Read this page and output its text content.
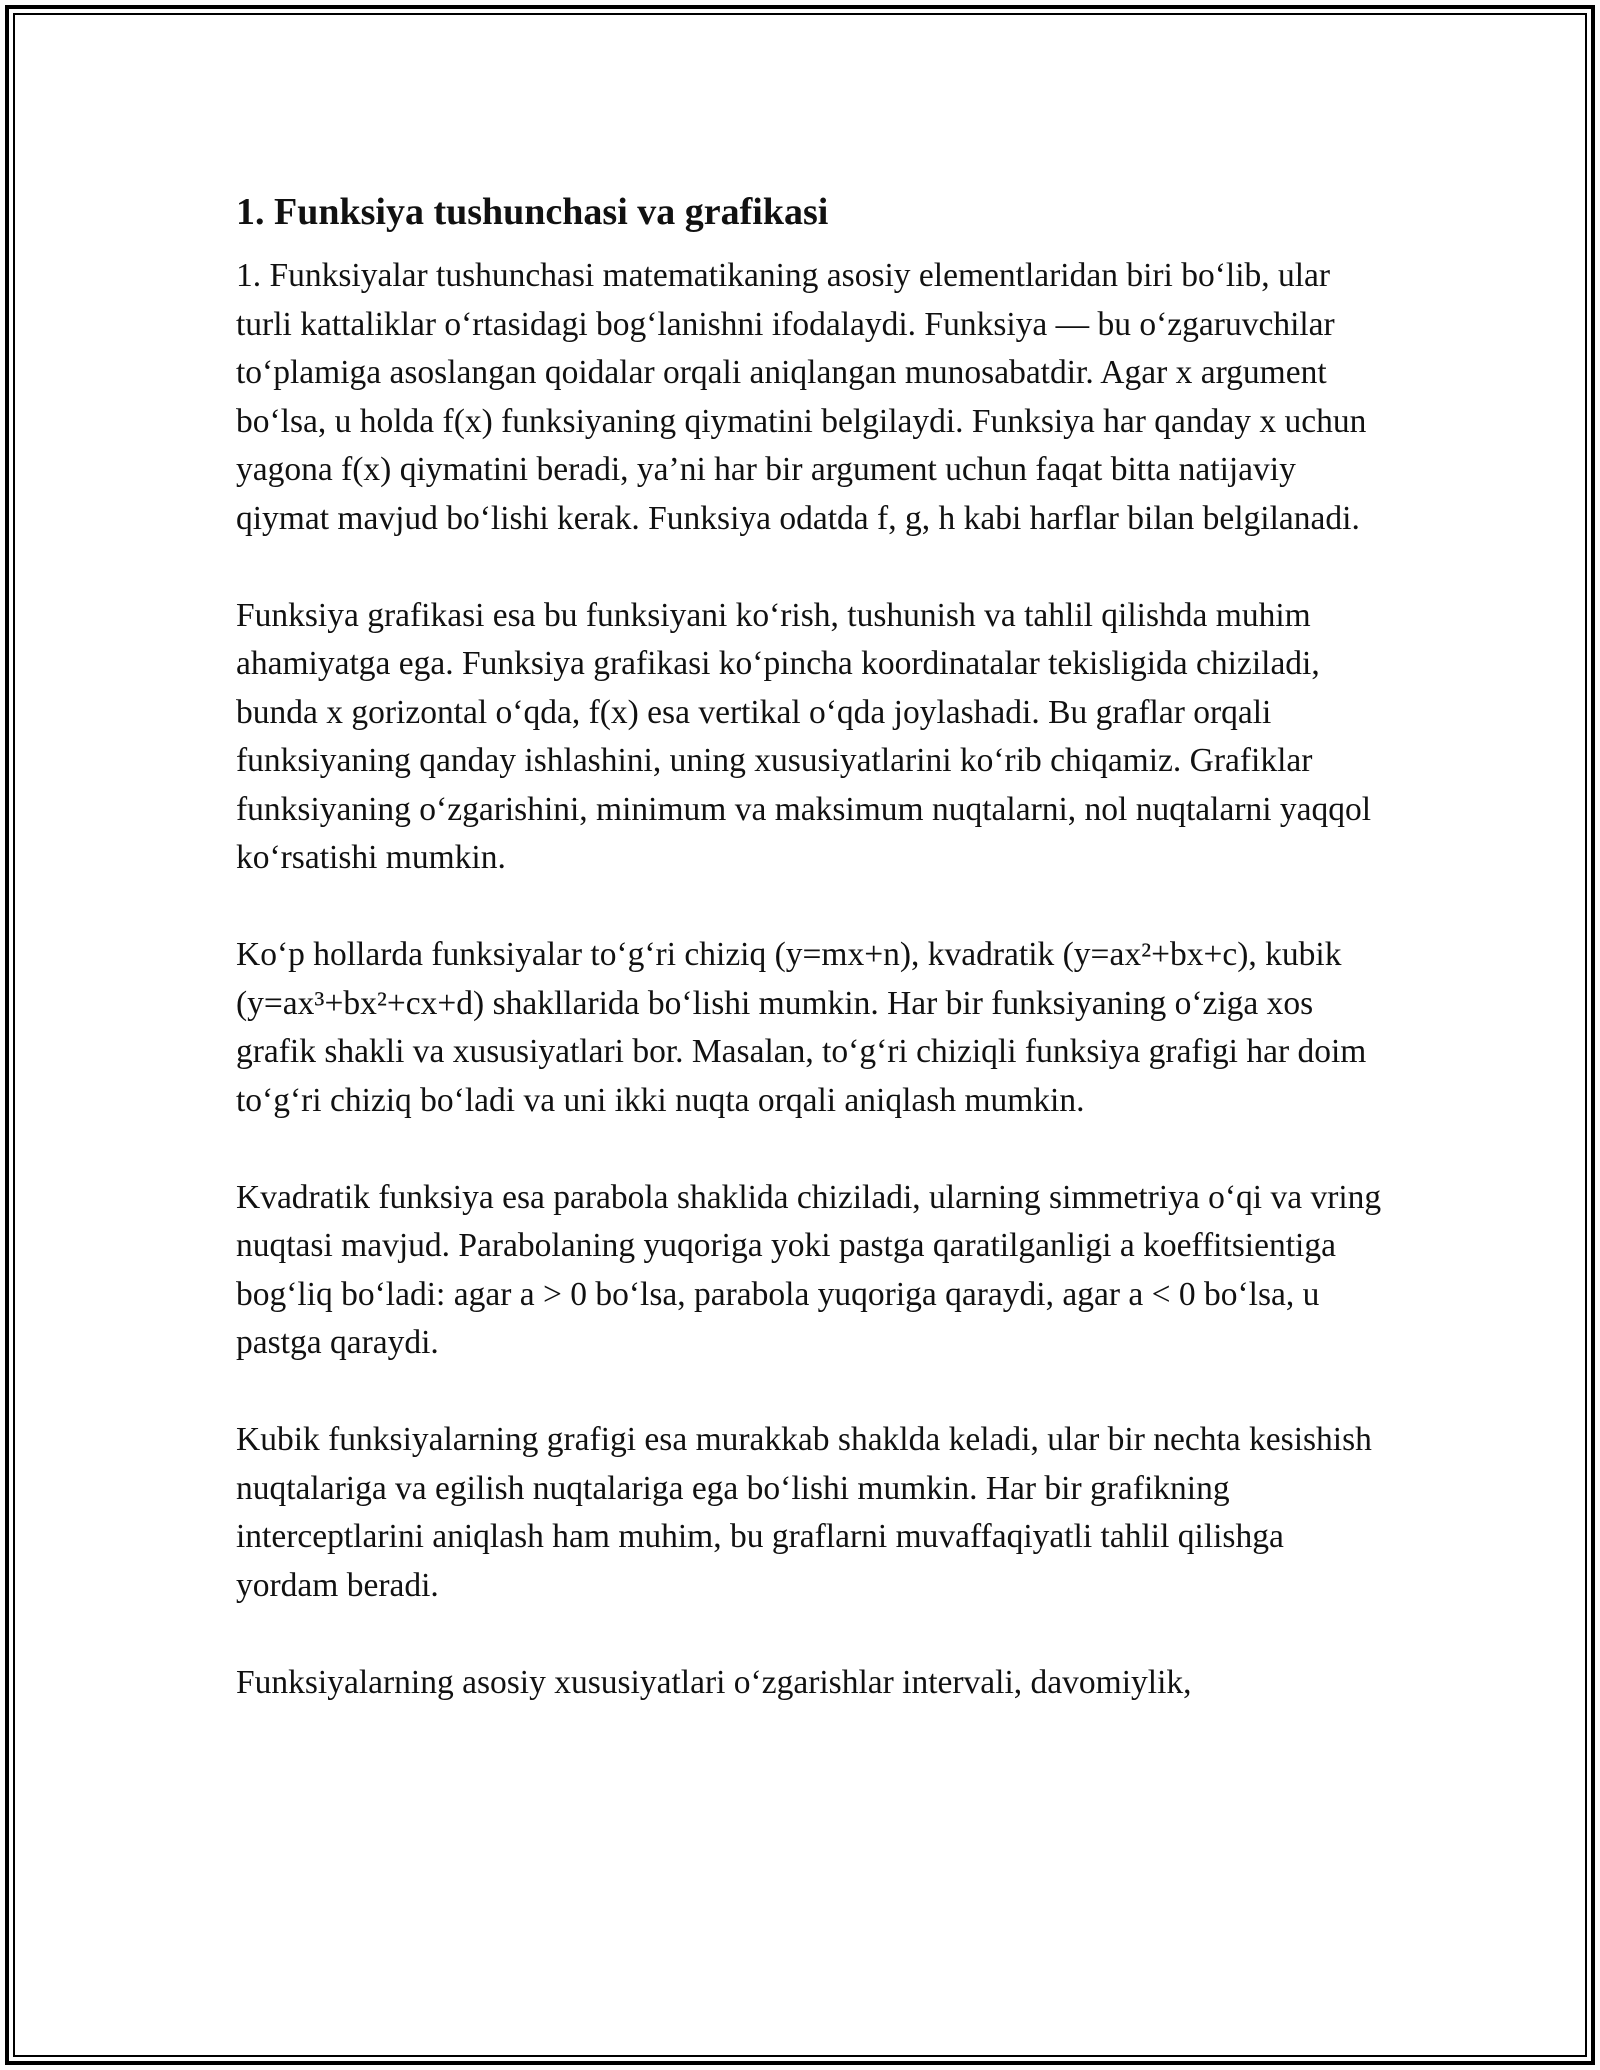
1. Funksiya tushunchasi va grafikasi

1. Funksiyalar tushunchasi matematikaning asosiy elementlaridan biri bo‘lib, ular turli kattaliklar o‘rtasidagi bog‘lanishni ifodalaydi. Funksiya — bu o‘zgaruvchilar to‘plamiga asoslangan qoidalar orqali aniqlangan munosabatdir. Agar x argument bo‘lsa, u holda f(x) funksiyaning qiymatini belgilaydi. Funksiya har qanday x uchun yagona f(x) qiymatini beradi, ya’ni har bir argument uchun faqat bitta natijaviy qiymat mavjud bo‘lishi kerak. Funksiya odatda f, g, h kabi harflar bilan belgilanadi.

Funksiya grafikasi esa bu funksiyani ko‘rish, tushunish va tahlil qilishda muhim ahamiyatga ega. Funksiya grafikasi ko‘pincha koordinatalar tekisligida chiziladi, bunda x gorizontal o‘qda, f(x) esa vertikal o‘qda joylashadi. Bu graflar orqali funksiyaning qanday ishlashini, uning xususiyatlarini ko‘rib chiqamiz. Grafiklar funksiyaning o‘zgarishini, minimum va maksimum nuqtalarni, nol nuqtalarni yaqqol ko‘rsatishi mumkin.

Ko‘p hollarda funksiyalar to‘g‘ri chiziq (y=mx+n), kvadratik (y=ax²+bx+c), kubik (y=ax³+bx²+cx+d) shakllarida bo‘lishi mumkin. Har bir funksiyaning o‘ziga xos grafik shakli va xususiyatlari bor. Masalan, to‘g‘ri chiziqli funksiya grafigi har doim to‘g‘ri chiziq bo‘ladi va uni ikki nuqta orqali aniqlash mumkin.

Kvadratik funksiya esa parabola shaklida chiziladi, ularning simmetriya o‘qi va vring nuqtasi mavjud. Parabolaning yuqoriga yoki pastga qaratilganligi a koeffitsientiga bog‘liq bo‘ladi: agar a > 0 bo‘lsa, parabola yuqoriga qaraydi, agar a < 0 bo‘lsa, u pastga qaraydi.

Kubik funksiyalarning grafigi esa murakkab shaklda keladi, ular bir nechta kesishish nuqtalariga va egilish nuqtalariga ega bo‘lishi mumkin. Har bir grafikning interceptlarini aniqlash ham muhim, bu graflarni muvaffaqiyatli tahlil qilishga yordam beradi.

Funksiyalarning asosiy xususiyatlari o‘zgarishlar intervali, davomiylik,
